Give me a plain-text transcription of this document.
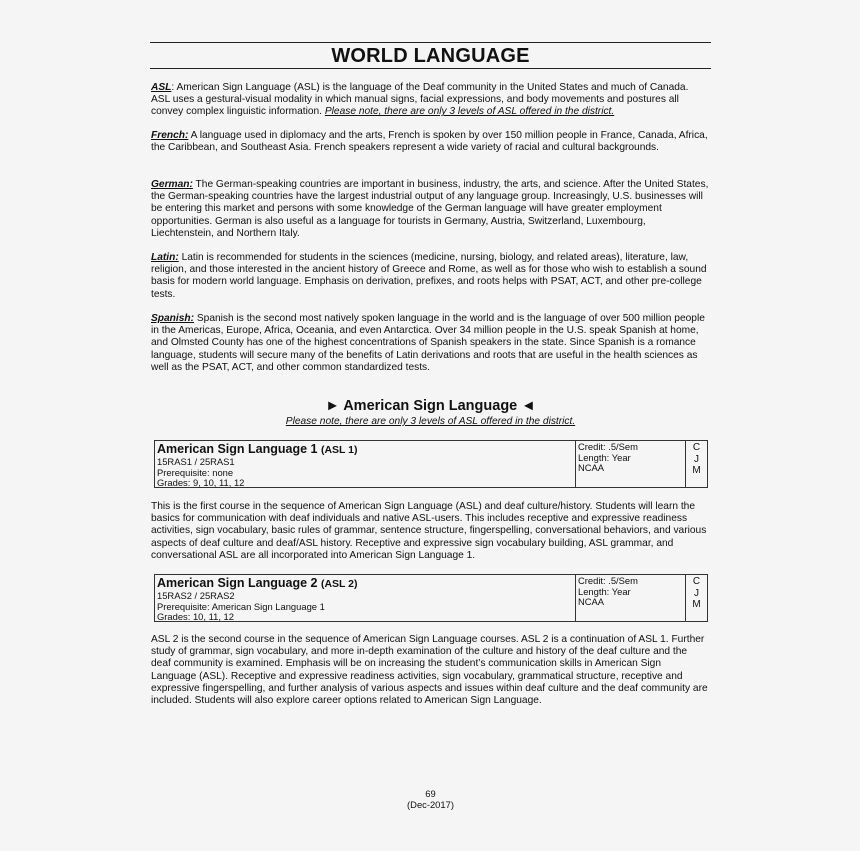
WORLD LANGUAGE

ASL: American Sign Language (ASL) is the language of the Deaf community in the United States and much of Canada. ASL uses a gestural-visual modality in which manual signs, facial expressions, and body movements and postures all convey complex linguistic information. Please note, there are only 3 levels of ASL offered in the district.

French: A language used in diplomacy and the arts, French is spoken by over 150 million people in France, Canada, Africa, the Caribbean, and Southeast Asia. French speakers represent a wide variety of racial and cultural backgrounds.

German: The German-speaking countries are important in business, industry, the arts, and science. After the United States, the German-speaking countries have the largest industrial output of any language group. Increasingly, U.S. businesses will be entering this market and persons with some knowledge of the German language will have greater employment opportunities. German is also useful as a language for tourists in Germany, Austria, Switzerland, Luxembourg, Liechtenstein, and Northern Italy.

Latin: Latin is recommended for students in the sciences (medicine, nursing, biology, and related areas), literature, law, religion, and those interested in the ancient history of Greece and Rome, as well as for those who wish to establish a sound basis for modern world language. Emphasis on derivation, prefixes, and roots helps with PSAT, ACT, and other pre-college tests.

Spanish: Spanish is the second most natively spoken language in the world and is the language of over 500 million people in the Americas, Europe, Africa, Oceania, and even Antarctica. Over 34 million people in the U.S. speak Spanish at home, and Olmsted County has one of the highest concentrations of Spanish speakers in the state. Since Spanish is a romance language, students will secure many of the benefits of Latin derivations and roots that are useful in the health sciences as well as the PSAT, ACT, and other common standardized tests.

► American Sign Language ◄
Please note, there are only 3 levels of ASL offered in the district.
American Sign Language 1 (ASL 1)
15RAS1 / 25RAS1
Prerequisite: none
Grades: 9, 10, 11, 12
Credit: .5/Sem
Length: Year
NCAA
C
J
M

This is the first course in the sequence of American Sign Language (ASL) and deaf culture/history. Students will learn the basics for communication with deaf individuals and native ASL-users. This includes receptive and expressive readiness activities, sign vocabulary, basic rules of grammar, sentence structure, fingerspelling, conversational behaviors, and various aspects of deaf culture and deaf/ASL history. Receptive and expressive sign vocabulary building, ASL grammar, and conversational ASL are all incorporated into American Sign Language 1.

American Sign Language 2 (ASL 2)
15RAS2 / 25RAS2
Prerequisite: American Sign Language 1
Grades: 10, 11, 12
Credit: .5/Sem
Length: Year
NCAA
C
J
M

ASL 2 is the second course in the sequence of American Sign Language courses. ASL 2 is a continuation of ASL 1. Further study of grammar, sign vocabulary, and more in-depth examination of the culture and history of the deaf culture and the deaf community is examined. Emphasis will be on increasing the student’s communication skills in American Sign Language (ASL). Receptive and expressive readiness activities, sign vocabulary, grammatical structure, receptive and expressive fingerspelling, and further analysis of various aspects and issues within deaf culture and the deaf community are included. Students will also explore career options related to American Sign Language.

69
(Dec-2017)
